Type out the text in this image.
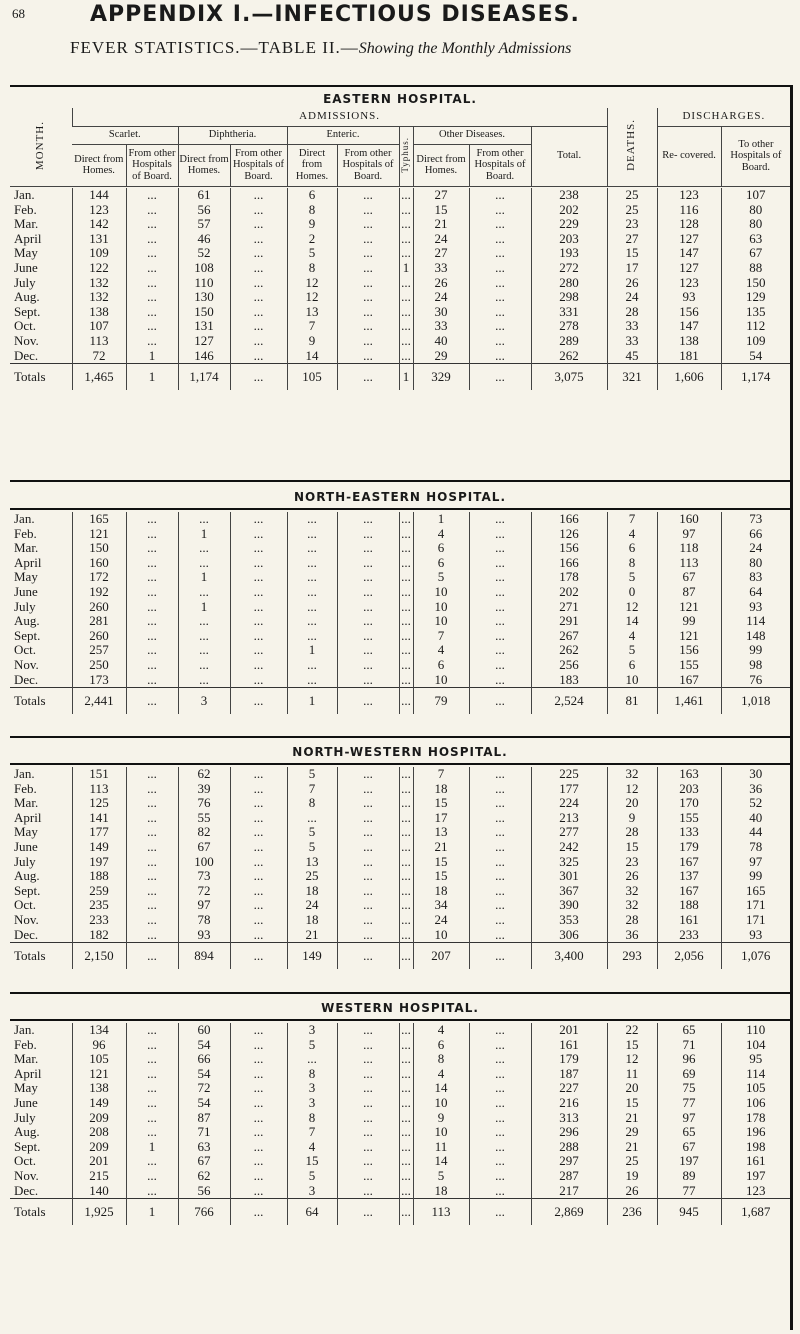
68	APPENDIX I.—INFECTIOUS DISEASES.
FEVER STATISTICS.—TABLE II.—Showing the Monthly Admissions
EASTERN HOSPITAL.
MONTH.	ADMISSIONS.										DEATHS.	DISCHARGES.	
	Scarlet.		Diphtheria.		Enteric.		Typhus.	Other Diseases.		Total.		Re- covered.	To other Hospitals of Board.
	Direct from Homes.	From other Hospitals of Board.	Direct from Homes.	From other Hospitals of Board.	Direct from Homes.	From other Hospitals of Board.		Direct from Homes.	From other Hospitals of Board.				
Jan.	144	...	61	...	6	...	...	27	...	238	25	123	107
Feb.	123	...	56	...	8	...	...	15	...	202	25	116	80
Mar.	142	...	57	...	9	...	...	21	...	229	23	128	80
April	131	...	46	...	2	...	...	24	...	203	27	127	63
May	109	...	52	...	5	...	...	27	...	193	15	147	67
June	122	...	108	...	8	...	1	33	...	272	17	127	88
July	132	...	110	...	12	...	...	26	...	280	26	123	150
Aug.	132	...	130	...	12	...	...	24	...	298	24	93	129
Sept.	138	...	150	...	13	...	...	30	...	331	28	156	135
Oct.	107	...	131	...	7	...	...	33	...	278	33	147	112
Nov.	113	...	127	...	9	...	...	40	...	289	33	138	109
Dec.	72	1	146	...	14	...	...	29	...	262	45	181	54
Totals	1,465	1	1,174	...	105	...	1	329	...	3,075	321	1,606	1,174
NORTH-EASTERN HOSPITAL.
Jan.	165	...	...	...	...	...	...	1	...	166	7	160	73
Feb.	121	...	1	...	...	...	...	4	...	126	4	97	66
Mar.	150	...	...	...	...	...	...	6	...	156	6	118	24
April	160	...	...	...	...	...	...	6	...	166	8	113	80
May	172	...	1	...	...	...	...	5	...	178	5	67	83
June	192	...	...	...	...	...	...	10	...	202	0	87	64
July	260	...	1	...	...	...	...	10	...	271	12	121	93
Aug.	281	...	...	...	...	...	...	10	...	291	14	99	114
Sept.	260	...	...	...	...	...	...	7	...	267	4	121	148
Oct.	257	...	...	...	1	...	...	4	...	262	5	156	99
Nov.	250	...	...	...	...	...	...	6	...	256	6	155	98
Dec.	173	...	...	...	...	...	...	10	...	183	10	167	76
Totals	2,441	...	3	...	1	...	...	79	...	2,524	81	1,461	1,018
NORTH-WESTERN HOSPITAL.
Jan.	151	...	62	...	5	...	...	7	...	225	32	163	30
Feb.	113	...	39	...	7	...	...	18	...	177	12	203	36
Mar.	125	...	76	...	8	...	...	15	...	224	20	170	52
April	141	...	55	...	...	...	...	17	...	213	9	155	40
May	177	...	82	...	5	...	...	13	...	277	28	133	44
June	149	...	67	...	5	...	...	21	...	242	15	179	78
July	197	...	100	...	13	...	...	15	...	325	23	167	97
Aug.	188	...	73	...	25	...	...	15	...	301	26	137	99
Sept.	259	...	72	...	18	...	...	18	...	367	32	167	165
Oct.	235	...	97	...	24	...	...	34	...	390	32	188	171
Nov.	233	...	78	...	18	...	...	24	...	353	28	161	171
Dec.	182	...	93	...	21	...	...	10	...	306	36	233	93
Totals	2,150	...	894	...	149	...	...	207	...	3,400	293	2,056	1,076
WESTERN HOSPITAL.
Jan.	134	...	60	...	3	...	...	4	...	201	22	65	110
Feb.	96	...	54	...	5	...	...	6	...	161	15	71	104
Mar.	105	...	66	...	...	...	...	8	...	179	12	96	95
April	121	...	54	...	8	...	...	4	...	187	11	69	114
May	138	...	72	...	3	...	...	14	...	227	20	75	105
June	149	...	54	...	3	...	...	10	...	216	15	77	106
July	209	...	87	...	8	...	...	9	...	313	21	97	178
Aug.	208	...	71	...	7	...	...	10	...	296	29	65	196
Sept.	209	1	63	...	4	...	...	11	...	288	21	67	198
Oct.	201	...	67	...	15	...	...	14	...	297	25	197	161
Nov.	215	...	62	...	5	...	...	5	...	287	19	89	197
Dec.	140	...	56	...	3	...	...	18	...	217	26	77	123
Totals	1,925	1	766	...	64	...	...	113	...	2,869	236	945	1,687
